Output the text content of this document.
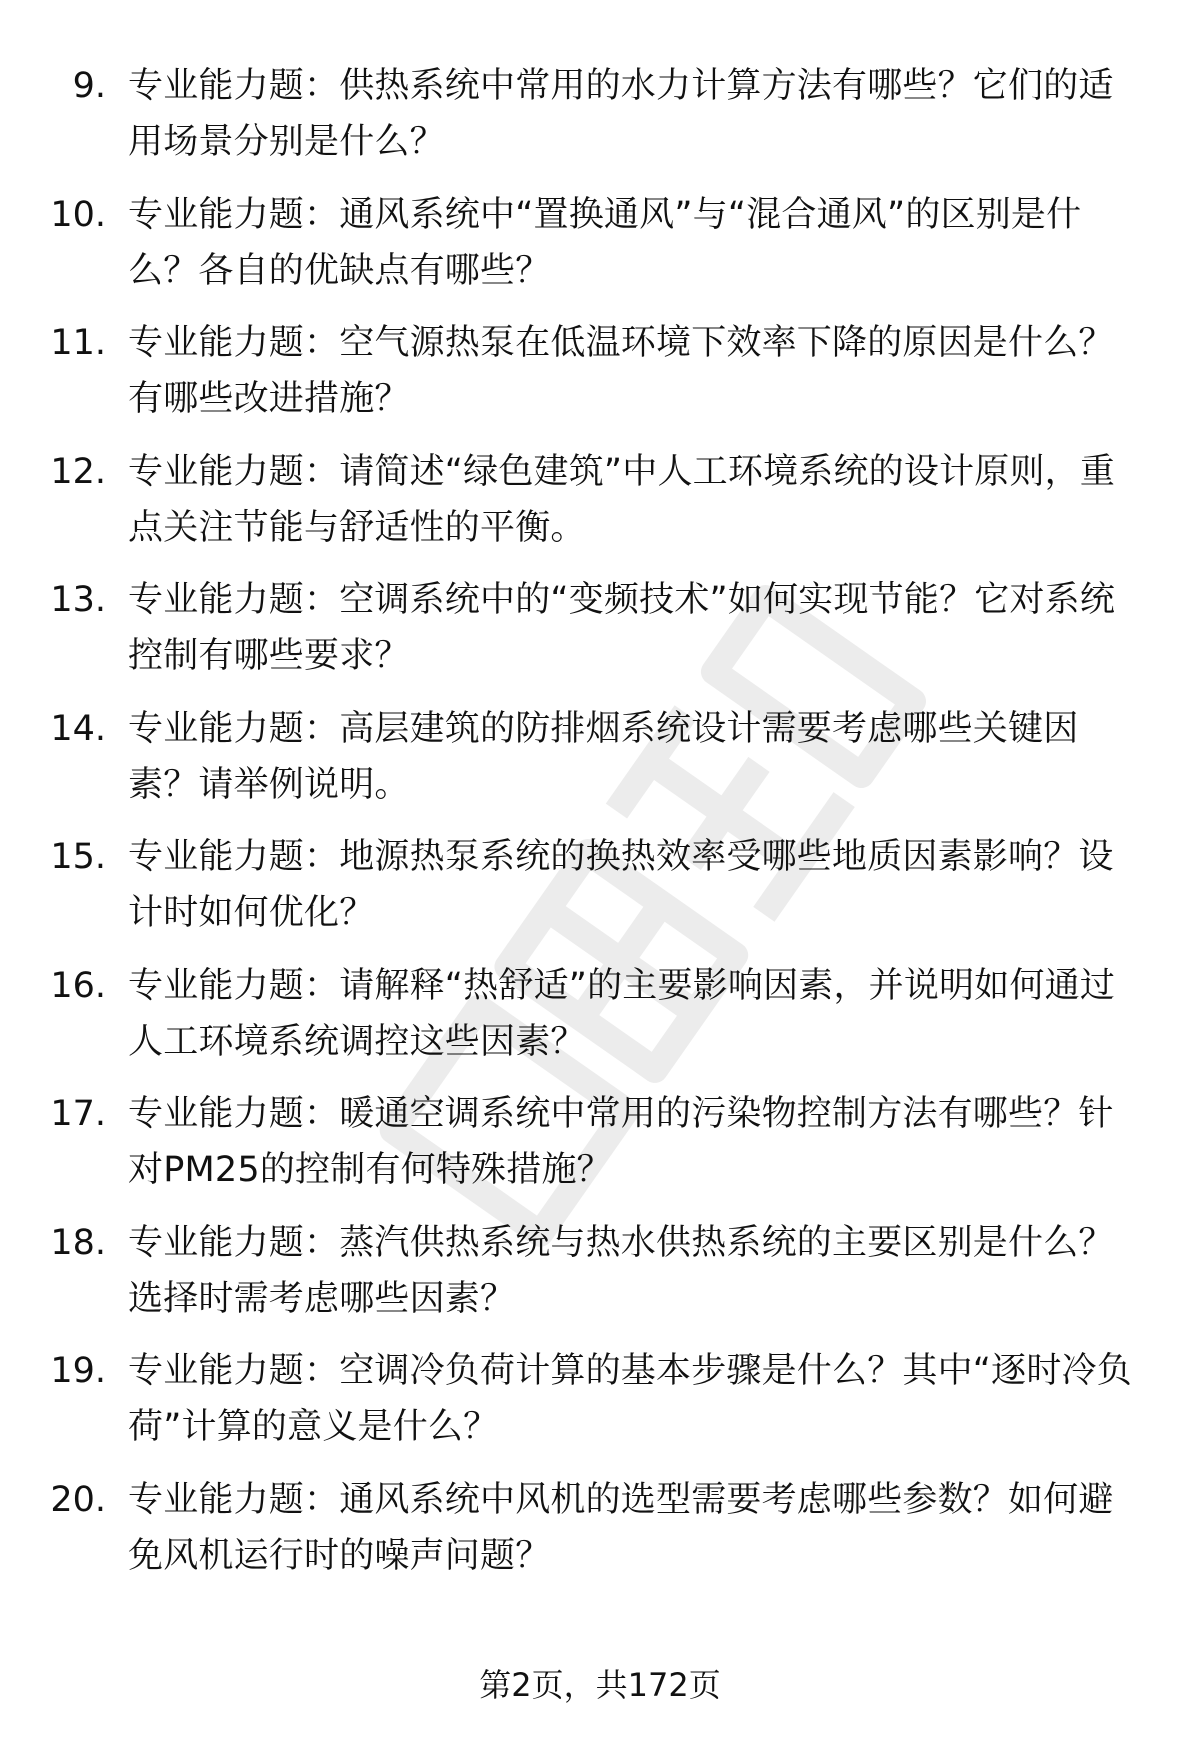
9. 专业能力题：供热系统中常用的水力计算方法有哪些？它们的适用场景分别是什么？
10. 专业能力题：通风系统中“置换通风”与“混合通风”的区别是什么？各自的优缺点有哪些？
11. 专业能力题：空气源热泵在低温环境下效率下降的原因是什么？有哪些改进措施？
12. 专业能力题：请简述“绿色建筑”中人工环境系统的设计原则，重点关注节能与舒适性的平衡。
13. 专业能力题：空调系统中的“变频技术”如何实现节能？它对系统控制有哪些要求？
14. 专业能力题：高层建筑的防排烟系统设计需要考虑哪些关键因素？请举例说明。
15. 专业能力题：地源热泵系统的换热效率受哪些地质因素影响？设计时如何优化？
16. 专业能力题：请解释“热舒适”的主要影响因素，并说明如何通过人工环境系统调控这些因素？
17. 专业能力题：暖通空调系统中常用的污染物控制方法有哪些？针对PM25的控制有何特殊措施？
18. 专业能力题：蒸汽供热系统与热水供热系统的主要区别是什么？选择时需考虑哪些因素？
19. 专业能力题：空调冷负荷计算的基本步骤是什么？其中“逐时冷负荷”计算的意义是什么？
20. 专业能力题：通风系统中风机的选型需要考虑哪些参数？如何避免风机运行时的噪声问题？
第2页，共172页
